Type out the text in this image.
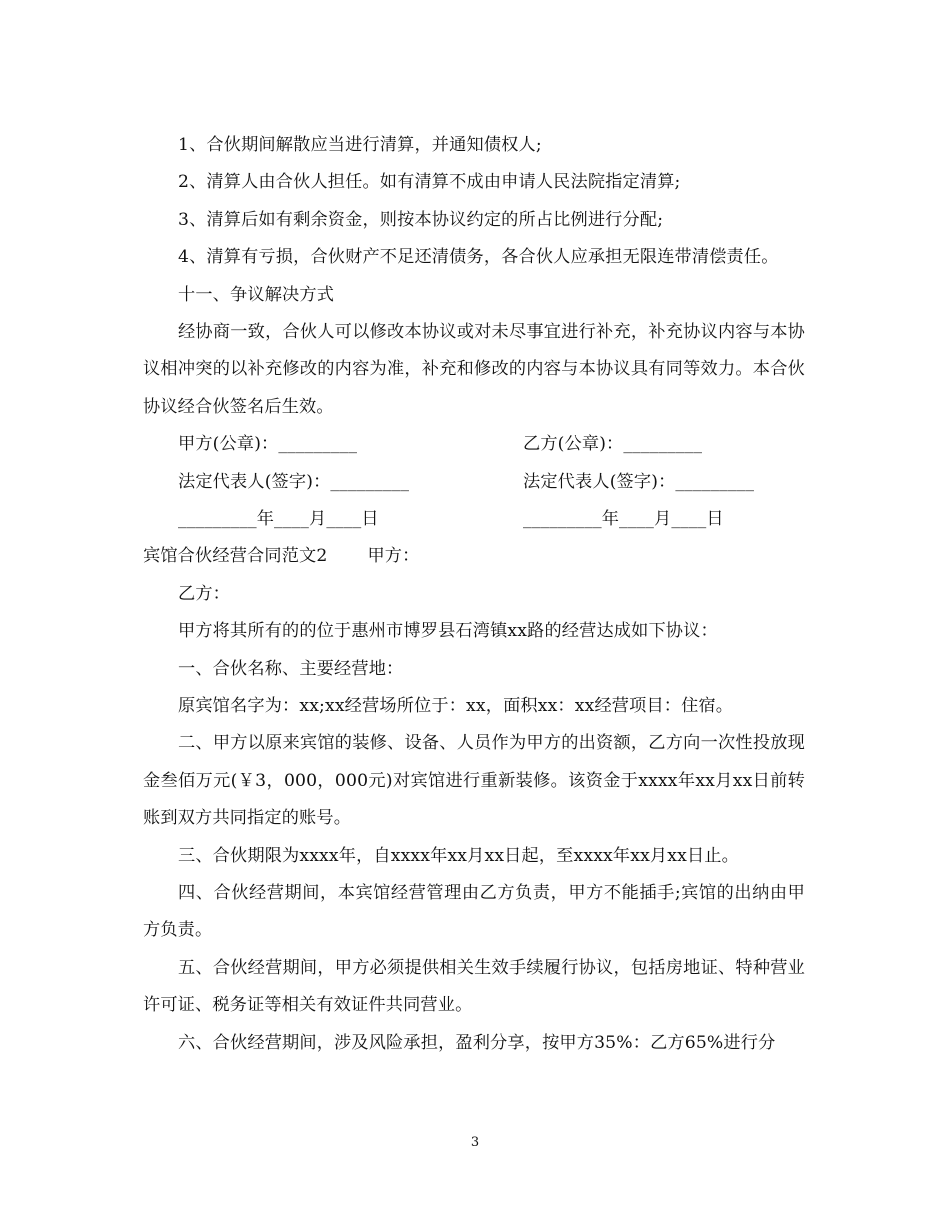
1、合伙期间解散应当进行清算，并通知债权人;

2、清算人由合伙人担任。如有清算不成由申请人民法院指定清算;

3、清算后如有剩余资金，则按本协议约定的所占比例进行分配;

4、清算有亏损，合伙财产不足还清债务，各合伙人应承担无限连带清偿责任。

十一、争议解决方式

经协商一致，合伙人可以修改本协议或对未尽事宜进行补充，补充协议内容与本协议相冲突的以补充修改的内容为准，补充和修改的内容与本协议具有同等效力。本合伙协议经合伙签名后生效。

甲方(公章)：_________	乙方(公章)：_________
法定代表人(签字)：_________	法定代表人(签字)：_________
_________年____月____日	_________年____月____日

宾馆合伙经营合同范文2 甲方：

乙方：

甲方将其所有的的位于惠州市博罗县石湾镇xx路的经营达成如下协议：

一、合伙名称、主要经营地：

原宾馆名字为：xx;xx经营场所位于：xx，面积xx：xx经营项目：住宿。

二、甲方以原来宾馆的装修、设备、人员作为甲方的出资额，乙方向一次性投放现金叁佰万元(￥3，000，000元)对宾馆进行重新装修。该资金于xxxx年xx月xx日前转账到双方共同指定的账号。

三、合伙期限为xxxx年，自xxxx年xx月xx日起，至xxxx年xx月xx日止。

四、合伙经营期间，本宾馆经营管理由乙方负责，甲方不能插手;宾馆的出纳由甲方负责。

五、合伙经营期间，甲方必须提供相关生效手续履行协议，包括房地证、特种营业许可证、税务证等相关有效证件共同营业。

六、合伙经营期间，涉及风险承担，盈利分享，按甲方35%：乙方65%进行分

3
